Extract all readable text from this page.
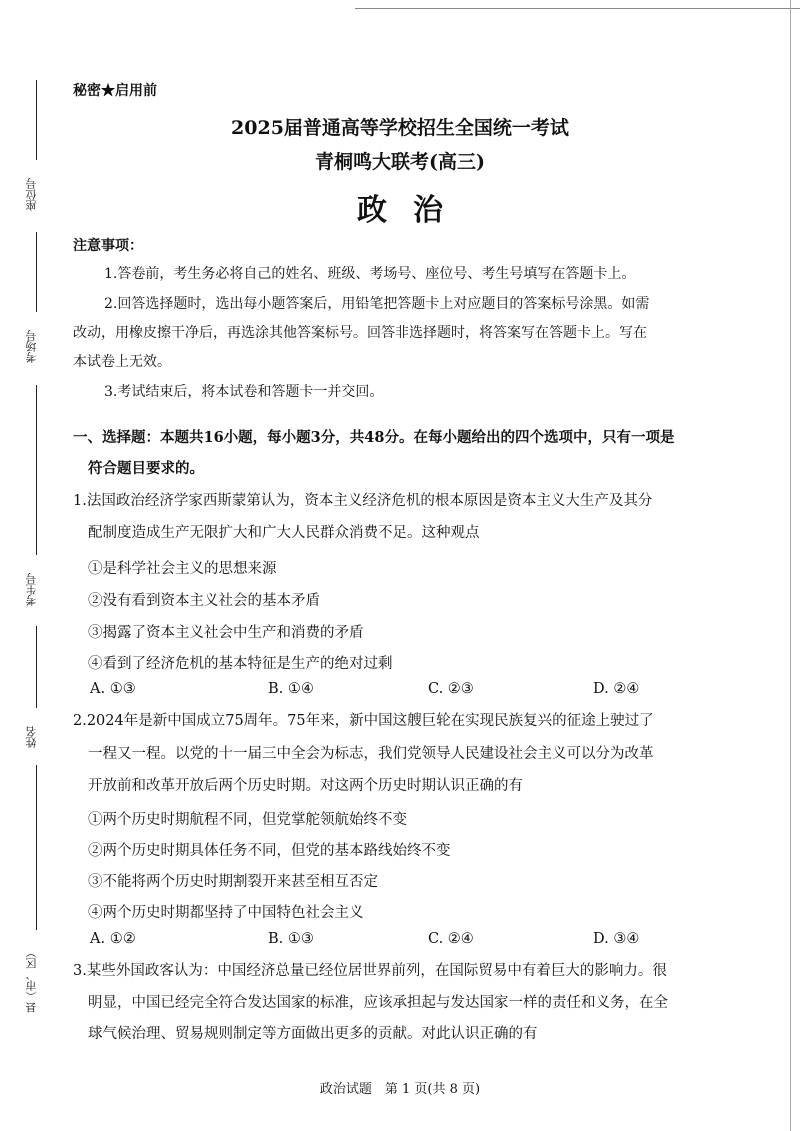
座位号
考场号
考生号
姓名
县（市、区）
秘密★启用前
2025届普通高等学校招生全国统一考试
青桐鸣大联考(高三)
政治
注意事项：
1.答卷前，考生务必将自己的姓名、班级、考场号、座位号、考生号填写在答题卡上。
2.回答选择题时，选出每小题答案后，用铅笔把答题卡上对应题目的答案标号涂黑。如需
改动，用橡皮擦干净后，再选涂其他答案标号。回答非选择题时，将答案写在答题卡上。写在
本试卷上无效。
3.考试结束后，将本试卷和答题卡一并交回。
一、选择题：本题共16小题，每小题3分，共48分。在每小题给出的四个选项中，只有一项是
符合题目要求的。
1.法国政治经济学家西斯蒙第认为，资本主义经济危机的根本原因是资本主义大生产及其分
配制度造成生产无限扩大和广大人民群众消费不足。这种观点
①是科学社会主义的思想来源
②没有看到资本主义社会的基本矛盾
③揭露了资本主义社会中生产和消费的矛盾
④看到了经济危机的基本特征是生产的绝对过剩
A. ①③	B. ①④	C. ②③	D. ②④
2.2024年是新中国成立75周年。75年来，新中国这艘巨轮在实现民族复兴的征途上驶过了
一程又一程。以党的十一届三中全会为标志，我们党领导人民建设社会主义可以分为改革
开放前和改革开放后两个历史时期。对这两个历史时期认识正确的有
①两个历史时期航程不同，但党掌舵领航始终不变
②两个历史时期具体任务不同，但党的基本路线始终不变
③不能将两个历史时期割裂开来甚至相互否定
④两个历史时期都坚持了中国特色社会主义
A. ①②	B. ①③	C. ②④	D. ③④
3.某些外国政客认为：中国经济总量已经位居世界前列，在国际贸易中有着巨大的影响力。很
明显，中国已经完全符合发达国家的标准，应该承担起与发达国家一样的责任和义务，在全
球气候治理、贸易规则制定等方面做出更多的贡献。对此认识正确的有
政治试题　第 1 页(共 8 页)
